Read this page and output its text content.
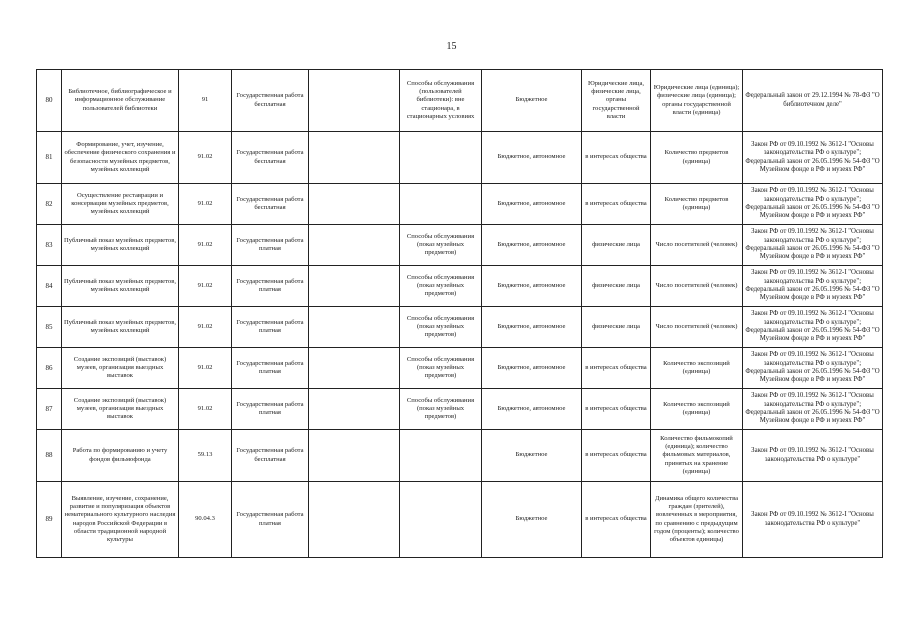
15
80	Библиотечное, библиографическое и информационное обслуживание пользователей библиотеки	91	Государственная работа бесплатная		Способы обслуживания (пользователей библиотеки): вне стационара, в стационарных условиях	Бюджетное	Юридические лица, физические лица, органы государственной власти	Юридические лица (единица); физические лица (единица); органы государственной власти (единица)	Федеральный закон от 29.12.1994 № 78-ФЗ "О библиотечном деле"
81	Формирование, учет, изучение, обеспечение физического сохранения и безопасности музейных предметов, музейных коллекций	91.02	Государственная работа бесплатная			Бюджетное, автономное	в интересах общества	Количество предметов (единица)	Закон РФ от 09.10.1992 № 3612-I "Основы законодательства РФ о культуре"; Федеральный закон от 26.05.1996 № 54-ФЗ "О Музейном фонде в РФ и музеях РФ"
82	Осуществление реставрации и консервации музейных предметов, музейных коллекций	91.02	Государственная работа бесплатная			Бюджетное, автономное	в интересах общества	Количество предметов (единица)	Закон РФ от 09.10.1992 № 3612-I "Основы законодательства РФ о культуре"; Федеральный закон от 26.05.1996 № 54-ФЗ "О Музейном фонде в РФ и музеях РФ"
83	Публичный показ музейных предметов, музейных коллекций	91.02	Государственная работа платная		Способы обслуживания (показ музейных предметов)	Бюджетное, автономное	физические лица	Число посетителей (человек)	Закон РФ от 09.10.1992 № 3612-I "Основы законодательства РФ о культуре"; Федеральный закон от 26.05.1996 № 54-ФЗ "О Музейном фонде в РФ и музеях РФ"
84	Публичный показ музейных предметов, музейных коллекций	91.02	Государственная работа платная		Способы обслуживания (показ музейных предметов)	Бюджетное, автономное	физические лица	Число посетителей (человек)	Закон РФ от 09.10.1992 № 3612-I "Основы законодательства РФ о культуре"; Федеральный закон от 26.05.1996 № 54-ФЗ "О Музейном фонде в РФ и музеях РФ"
85	Публичный показ музейных предметов, музейных коллекций	91.02	Государственная работа платная		Способы обслуживания (показ музейных предметов)	Бюджетное, автономное	физические лица	Число посетителей (человек)	Закон РФ от 09.10.1992 № 3612-I "Основы законодательства РФ о культуре"; Федеральный закон от 26.05.1996 № 54-ФЗ "О Музейном фонде в РФ и музеях РФ"
86	Создание экспозиций (выставок) музеев, организация выездных выставок	91.02	Государственная работа платная		Способы обслуживания (показ музейных предметов)	Бюджетное, автономное	в интересах общества	Количество экспозиций (единица)	Закон РФ от 09.10.1992 № 3612-I "Основы законодательства РФ о культуре"; Федеральный закон от 26.05.1996 № 54-ФЗ "О Музейном фонде в РФ и музеях РФ"
87	Создание экспозиций (выставок) музеев, организация выездных выставок	91.02	Государственная работа платная		Способы обслуживания (показ музейных предметов)	Бюджетное, автономное	в интересах общества	Количество экспозиций (единица)	Закон РФ от 09.10.1992 № 3612-I "Основы законодательства РФ о культуре"; Федеральный закон от 26.05.1996 № 54-ФЗ "О Музейном фонде в РФ и музеях РФ"
88	Работа по формированию и учету фондов фильмофонда	59.13	Государственная работа бесплатная			Бюджетное	в интересах общества	Количество фильмокопий (единица); количество фильмовых материалов, принятых на хранение (единица)	Закон РФ от 09.10.1992 № 3612-I "Основы законодательства РФ о культуре"
89	Выявление, изучение, сохранение, развитие и популяризация объектов нематериального культурного наследия народов Российской Федерации в области традиционной народной культуры	90.04.3	Государственная работа платная			Бюджетное	в интересах общества	Динамика общего количества граждан (зрителей), вовлеченных в мероприятия, по сравнению с предыдущим годом (проценты); количество объектов единицы)	Закон РФ от 09.10.1992 № 3612-I "Основы законодательства РФ о культуре"
